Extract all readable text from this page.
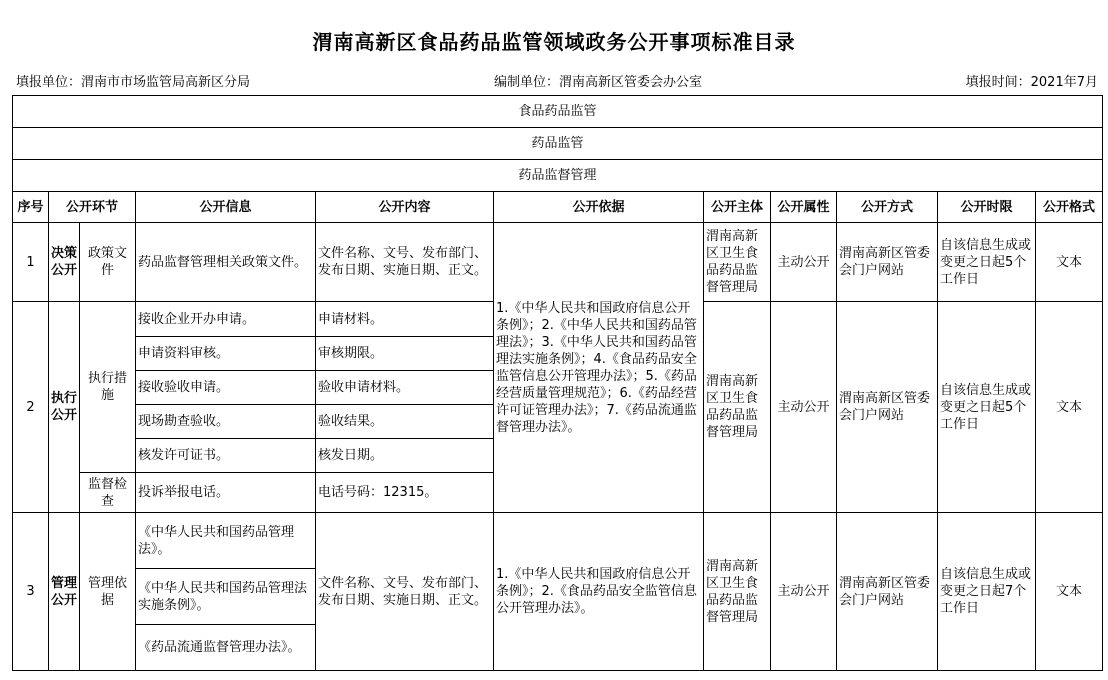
渭南高新区食品药品监管领域政务公开事项标准目录
填报单位：渭南市市场监管局高新区分局	编制单位：渭南高新区管委会办公室	填报时间：2021年7月
食品药品监管										
药品监管										
药品监督管理										
序号	公开环节		公开信息	公开内容	公开依据	公开主体	公开属性	公开方式	公开时限	公开格式
1	决策公开	政策文件	药品监督管理相关政策文件。	文件名称、文号、发布部门、发布日期、实施日期、正文。	1.《中华人民共和国政府信息公开条例》；2.《中华人民共和国药品管理法》；3.《中华人民共和国药品管理法实施条例》；4.《食品药品安全监管信息公开管理办法》；5.《药品经营质量管理规范》；6.《药品经营许可证管理办法》；7.《药品流通监督管理办法》。	渭南高新区卫生食品药品监督管理局	主动公开	渭南高新区管委会门户网站	自该信息生成或变更之日起5个工作日	文本
2	执行公开	执行措施	接收企业开办申请。	申请材料。		渭南高新区卫生食品药品监督管理局	主动公开	渭南高新区管委会门户网站	自该信息生成或变更之日起5个工作日	文本
			申请资料审核。	审核期限。						
			接收验收申请。	验收申请材料。						
			现场勘查验收。	验收结果。						
			核发许可证书。	核发日期。						
		监督检查	投诉举报电话。	电话号码：12315。						
3	管理公开	管理依据	《中华人民共和国药品管理法》。	文件名称、文号、发布部门、发布日期、实施日期、正文。	1.《中华人民共和国政府信息公开条例》；2.《食品药品安全监管信息公开管理办法》。	渭南高新区卫生食品药品监督管理局	主动公开	渭南高新区管委会门户网站	自该信息生成或变更之日起7个工作日	文本
			《中华人民共和国药品管理法实施条例》。							
			《药品流通监督管理办法》。							
